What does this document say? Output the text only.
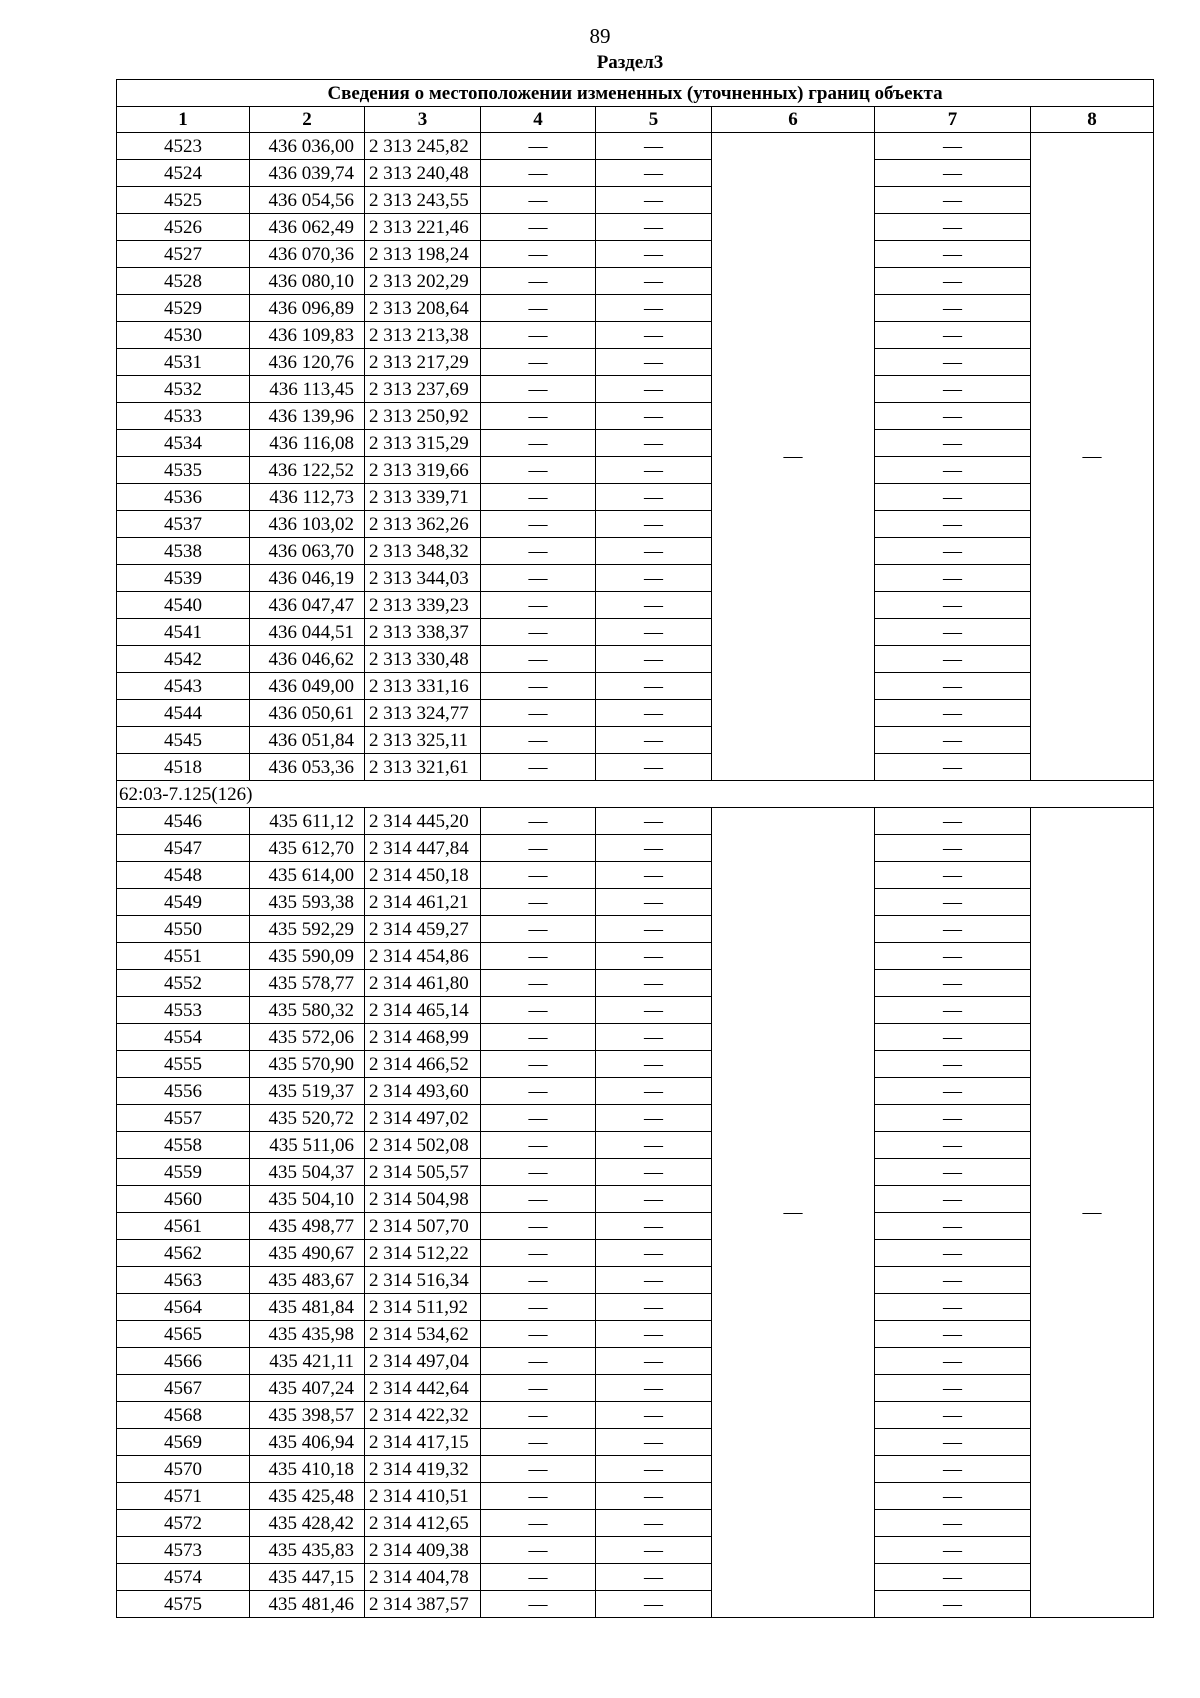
89
Раздел3
Сведения о местоположении измененных (уточненных) границ объекта							
1	2	3	4	5	6	7	8
4523	436 036,00	2 313 245,82	—	—	—	—	—
4524	436 039,74	2 313 240,48	—	—		—	
4525	436 054,56	2 313 243,55	—	—		—	
4526	436 062,49	2 313 221,46	—	—		—	
4527	436 070,36	2 313 198,24	—	—		—	
4528	436 080,10	2 313 202,29	—	—		—	
4529	436 096,89	2 313 208,64	—	—		—	
4530	436 109,83	2 313 213,38	—	—		—	
4531	436 120,76	2 313 217,29	—	—		—	
4532	436 113,45	2 313 237,69	—	—		—	
4533	436 139,96	2 313 250,92	—	—		—	
4534	436 116,08	2 313 315,29	—	—		—	
4535	436 122,52	2 313 319,66	—	—		—	
4536	436 112,73	2 313 339,71	—	—		—	
4537	436 103,02	2 313 362,26	—	—		—	
4538	436 063,70	2 313 348,32	—	—		—	
4539	436 046,19	2 313 344,03	—	—		—	
4540	436 047,47	2 313 339,23	—	—		—	
4541	436 044,51	2 313 338,37	—	—		—	
4542	436 046,62	2 313 330,48	—	—		—	
4543	436 049,00	2 313 331,16	—	—		—	
4544	436 050,61	2 313 324,77	—	—		—	
4545	436 051,84	2 313 325,11	—	—		—	
4518	436 053,36	2 313 321,61	—	—		—	
62:03-7.125(126)							
4546	435 611,12	2 314 445,20	—	—	—	—	—
4547	435 612,70	2 314 447,84	—	—		—	
4548	435 614,00	2 314 450,18	—	—		—	
4549	435 593,38	2 314 461,21	—	—		—	
4550	435 592,29	2 314 459,27	—	—		—	
4551	435 590,09	2 314 454,86	—	—		—	
4552	435 578,77	2 314 461,80	—	—		—	
4553	435 580,32	2 314 465,14	—	—		—	
4554	435 572,06	2 314 468,99	—	—		—	
4555	435 570,90	2 314 466,52	—	—		—	
4556	435 519,37	2 314 493,60	—	—		—	
4557	435 520,72	2 314 497,02	—	—		—	
4558	435 511,06	2 314 502,08	—	—		—	
4559	435 504,37	2 314 505,57	—	—		—	
4560	435 504,10	2 314 504,98	—	—		—	
4561	435 498,77	2 314 507,70	—	—		—	
4562	435 490,67	2 314 512,22	—	—		—	
4563	435 483,67	2 314 516,34	—	—		—	
4564	435 481,84	2 314 511,92	—	—		—	
4565	435 435,98	2 314 534,62	—	—		—	
4566	435 421,11	2 314 497,04	—	—		—	
4567	435 407,24	2 314 442,64	—	—		—	
4568	435 398,57	2 314 422,32	—	—		—	
4569	435 406,94	2 314 417,15	—	—		—	
4570	435 410,18	2 314 419,32	—	—		—	
4571	435 425,48	2 314 410,51	—	—		—	
4572	435 428,42	2 314 412,65	—	—		—	
4573	435 435,83	2 314 409,38	—	—		—	
4574	435 447,15	2 314 404,78	—	—		—	
4575	435 481,46	2 314 387,57	—	—		—	
